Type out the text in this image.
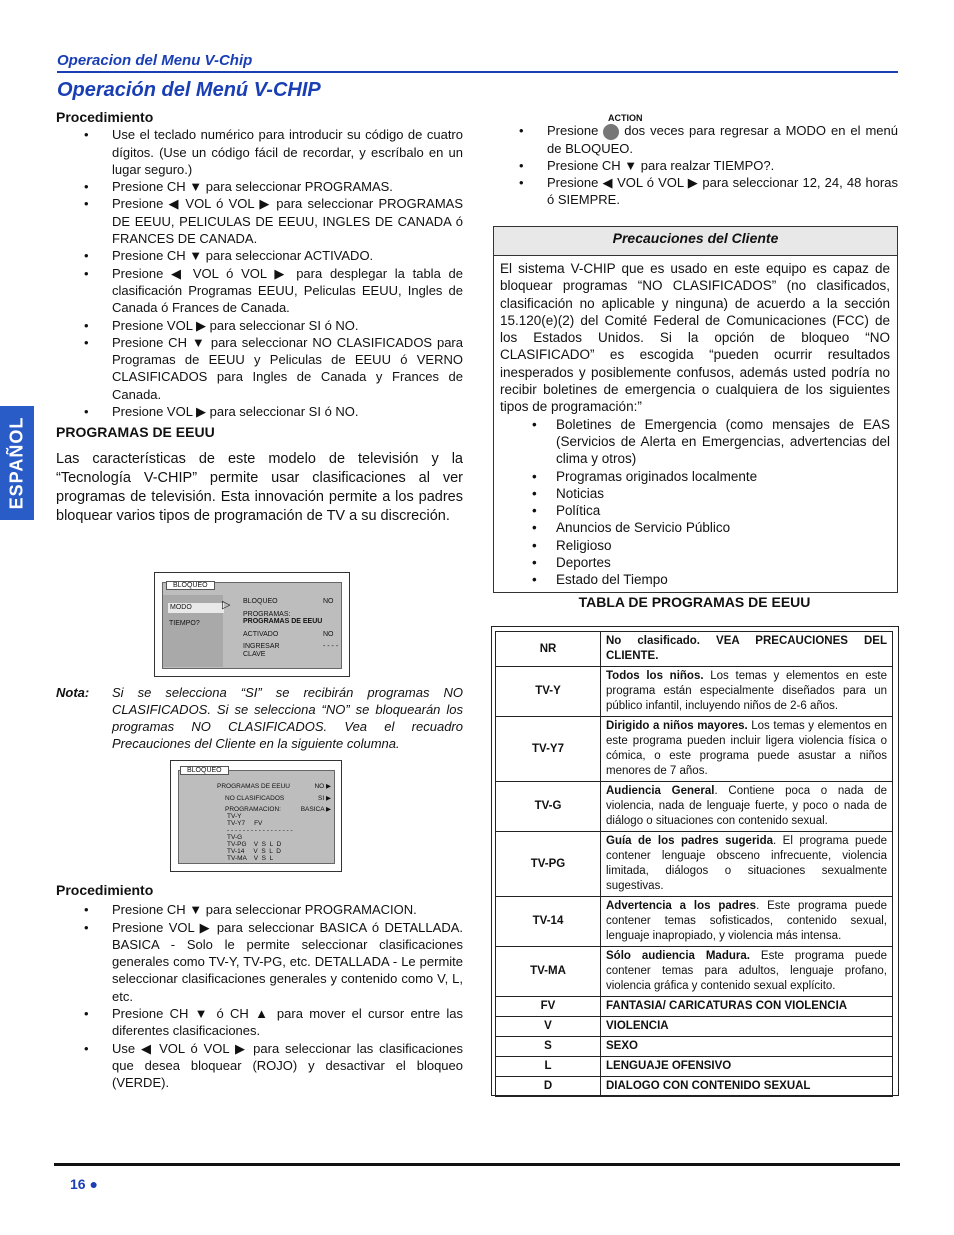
Operacion del Menu V-Chip
Operación del Menú V-CHIP
ESPAÑOL
Procedimiento
• Use el teclado numérico para introducir su código de cuatro dígitos. (Use un código fácil de recordar, y escríbalo en un lugar seguro.)
• Presione CH ▼ para seleccionar PROGRAMAS.
• Presione ◀ VOL ó VOL ▶ para seleccionar PROGRAMAS DE EEUU, PELICULAS DE EEUU, INGLES DE CANADA ó FRANCES DE CANADA.
• Presione CH ▼ para seleccionar ACTIVADO.
• Presione ◀ VOL ó VOL ▶ para desplegar la tabla de clasificación Programas EEUU, Peliculas EEUU, Ingles de Canada ó Frances de Canada.
• Presione VOL ▶ para seleccionar SI ó NO.
• Presione CH ▼ para seleccionar NO CLASIFICADOS para Programas de EEUU y Peliculas de EEUU ó VERNO CLASIFICADOS para Ingles de Canada y Frances de Canada.
• Presione VOL ▶ para seleccionar SI ó NO.
PROGRAMAS DE EEUU
Las características de este modelo de televisión y la “Tecnología V-CHIP” permite usar clasificaciones al ver programas de televisión. Esta innovación permite a los padres bloquear varios tipos de programación de TV a su discreción.
BLOQUEO
MODO
TIEMPO?
▷ BLOQUEO	NO
PROGRAMAS:
PROGRAMAS DE EEUU
ACTIVADO	NO
INGRESAR	- - - -
CLAVE
Nota: Si se selecciona “SI” se recibirán programas NO CLASIFICADOS. Si se selecciona “NO” se bloquearán los programas NO CLASIFICADOS. Vea el recuadro Precauciones del Cliente en la siguiente columna.
BLOQUEO
PROGRAMAS DE EEUU	NO ▶
NO CLASIFICADOS	SI ▶
PROGRAMACION:	BASICA ▶
TV-Y
TV-Y7     FV
- - - - - - - - - - - - - - - - -
TV-G
TV-PG    V  S  L  D
TV-14     V  S  L  D
TV-MA    V  S  L
Procedimiento
• Presione CH ▼ para seleccionar PROGRAMACION.
• Presione VOL ▶ para seleccionar BASICA ó DETALLADA. BASICA - Solo le permite seleccionar clasificaciones generales como TV-Y, TV-PG, etc. DETALLADA - Le permite seleccionar clasificaciones generales y contenido como V, L, etc.
• Presione CH ▼ ó CH ▲ para mover el cursor entre las diferentes clasificaciones.
• Use ◀ VOL ó VOL ▶ para seleccionar las clasificaciones que desea bloquear (ROJO) y desactivar el bloqueo (VERDE).
ACTION
• Presione  dos veces para regresar a MODO en el menú de BLOQUEO.
• Presione CH ▼ para realzar TIEMPO?.
• Presione ◀ VOL ó VOL ▶ para seleccionar 12, 24, 48 horas ó SIEMPRE.
Precauciones del Cliente
El sistema V-CHIP que es usado en este equipo es capaz de bloquear programas “NO CLASIFICADOS” (no clasificados, clasificación no aplicable y ninguna) de acuerdo a la sección 15.120(e)(2) del Comité Federal de Comunicaciones (FCC) de los Estados Unidos. Si la opción de bloqueo “NO CLASIFICADO” es escogida “pueden ocurrir resultados inesperados y posiblemente confusos, además usted podría no recibir boletines de emergencia o cualquiera de los siguientes tipos de programación:”
• Boletines de Emergencia (como mensajes de EAS (Servicios de Alerta en Emergencias, advertencias del clima y otros)
• Programas originados localmente
• Noticias
• Política
• Anuncios de Servicio Público
• Religioso
• Deportes
• Estado del Tiempo
TABLA DE PROGRAMAS DE EEUU
NR	No clasificado. VEA PRECAUCIONES DEL CLIENTE.
TV-Y	Todos los niños. Los temas y elementos en este programa están especialmente diseñados para un público infantil, incluyendo niños de 2-6 años.
TV-Y7	Dirigido a niños mayores. Los temas y elementos en este programa pueden incluir ligera violencia física o cómica, o este programa puede asustar a niños menores de 7 años.
TV-G	Audiencia General. Contiene poca o nada de violencia, nada de lenguaje fuerte, y poco o nada de diálogo o situaciones con contenido sexual.
TV-PG	Guía de los padres sugerida. El programa puede contener lenguaje obsceno infrecuente, violencia limitada, diálogos o situaciones sexualmente sugestivas.
TV-14	Advertencia a los padres. Este programa puede contener temas sofisticados, contenido sexual, lenguaje inapropiado, y violencia más intensa.
TV-MA	Sólo audiencia Madura. Este programa puede contener temas para adultos, lenguaje profano, violencia gráfica y contenido sexual explícito.
FV	FANTASIA/ CARICATURAS CON VIOLENCIA
V	VIOLENCIA
S	SEXO
L	LENGUAJE OFENSIVO
D	DIALOGO CON CONTENIDO SEXUAL
16 ●
